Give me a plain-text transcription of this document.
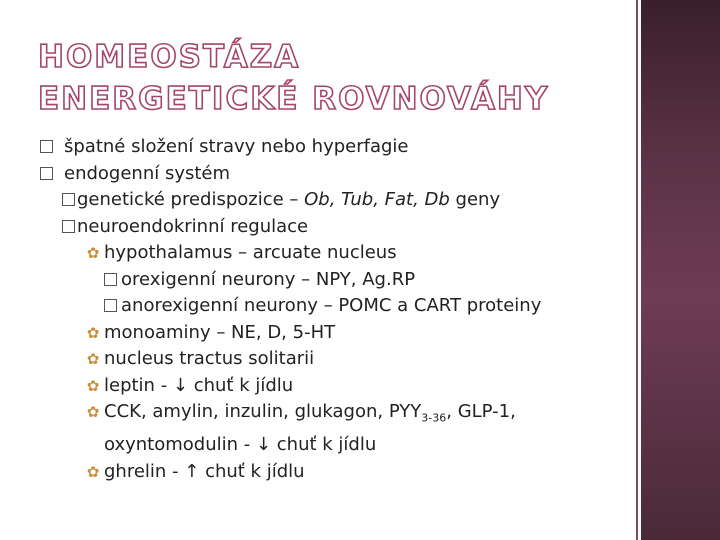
HOMEOSTÁZA ENERGETICKÉ ROVNOVÁHY
špatné složení stravy nebo hyperfagie
endogenní systém
genetické predispozice – Ob, Tub, Fat, Db geny
neuroendokrinní regulace
✿ hypothalamus – arcuate nucleus
orexigenní neurony – NPY, Ag.RP
anorexigenní neurony – POMC a CART proteiny
✿ monoaminy – NE, D, 5-HT
✿ nucleus tractus solitarii
✿ leptin - ↓ chuť k jídlu
✿ CCK, amylin, inzulin, glukagon, $PYY_{3-36}$, GLP-1,
oxyntomodulin - ↓ chuť k jídlu
✿ ghrelin - ↑ chuť k jídlu
